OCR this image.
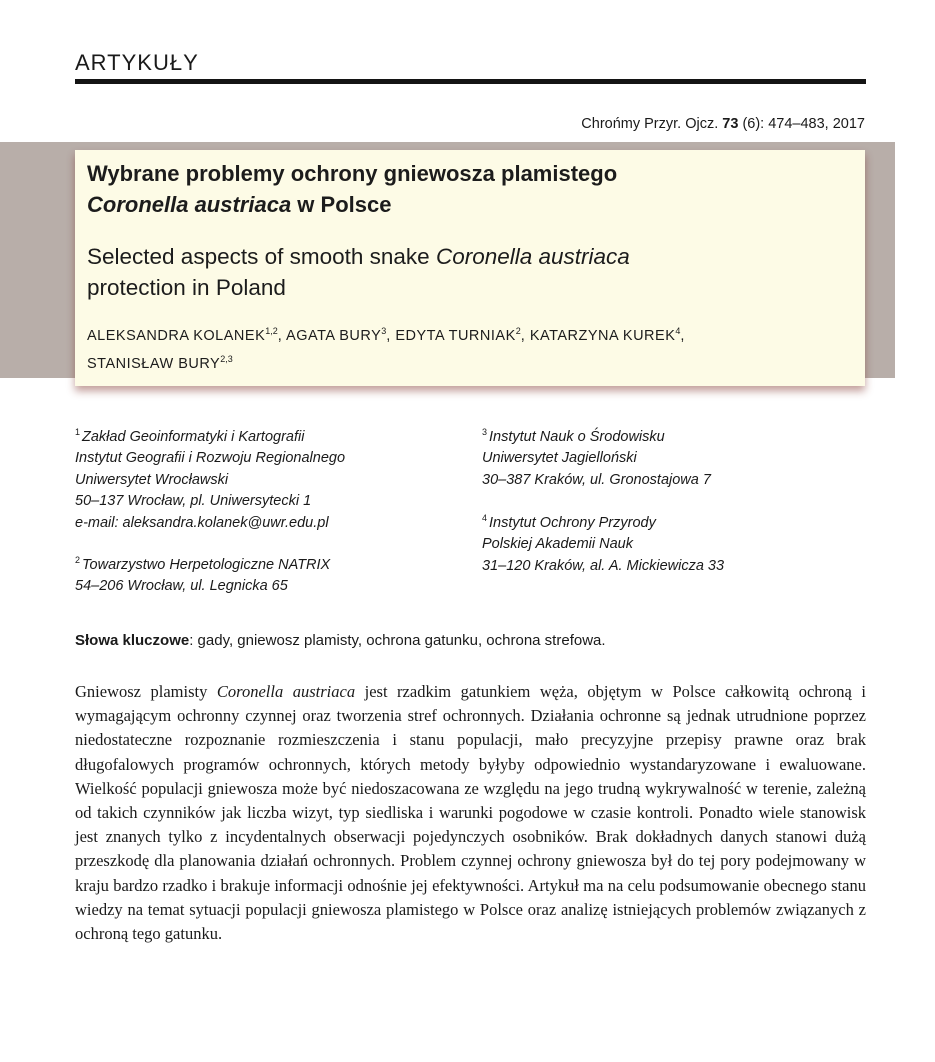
ARTYKUŁY
Chrońmy Przyr. Ojcz. 73 (6): 474–483, 2017
Wybrane problemy ochrony gniewosza plamistego
Coronella austriaca w Polsce
Selected aspects of smooth snake Coronella austriaca
protection in Poland
ALEKSANDRA KOLANEK$^{1,2}$, AGATA BURY$^3$, EDYTA TURNIAK$^2$, KATARZYNA KUREK$^4$,
STANISŁAW BURY$^{2,3}$
$^1$ Zakład Geoinformatyki i Kartografii
Instytut Geografii i Rozwoju Regionalnego
Uniwersytet Wrocławski
50–137 Wrocław, pl. Uniwersytecki 1
e-mail: aleksandra.kolanek@uwr.edu.pl
$^2$ Towarzystwo Herpetologiczne NATRIX
54–206 Wrocław, ul. Legnicka 65
$^3$ Instytut Nauk o Środowisku
Uniwersytet Jagielloński
30–387 Kraków, ul. Gronostajowa 7
$^4$ Instytut Ochrony Przyrody
Polskiej Akademii Nauk
31–120 Kraków, al. A. Mickiewicza 33
Słowa kluczowe: gady, gniewosz plamisty, ochrona gatunku, ochrona strefowa.

Gniewosz plamisty Coronella austriaca jest rzadkim gatunkiem węża, objętym w Polsce całkowitą ochroną i wymagającym ochronny czynnej oraz tworzenia stref ochronnych. Działania ochronne są jednak utrudnione poprzez niedostateczne rozpoznanie rozmieszczenia i stanu populacji, mało precyzyjne przepisy prawne oraz brak długofalowych programów ochronnych, których metody byłyby odpowiednio wystandaryzowane i ewaluowane. Wielkość populacji gniewosza może być niedoszacowana ze względu na jego trudną wykrywalność w terenie, zależną od takich czynników jak liczba wizyt, typ siedliska i warunki pogodowe w czasie kontroli. Ponadto wiele stanowisk jest znanych tylko z incydentalnych obserwacji pojedynczych osobników. Brak dokładnych danych stanowi dużą przeszkodę dla planowania działań ochronnych. Problem czynnej ochrony gniewosza był do tej pory podejmowany w kraju bardzo rzadko i brakuje informacji odnośnie jej efektywności. Artykuł ma na celu podsumowanie obecnego stanu wiedzy na temat sytuacji populacji gniewosza plamistego w Polsce oraz analizę istniejących problemów związanych z ochroną tego gatunku.
